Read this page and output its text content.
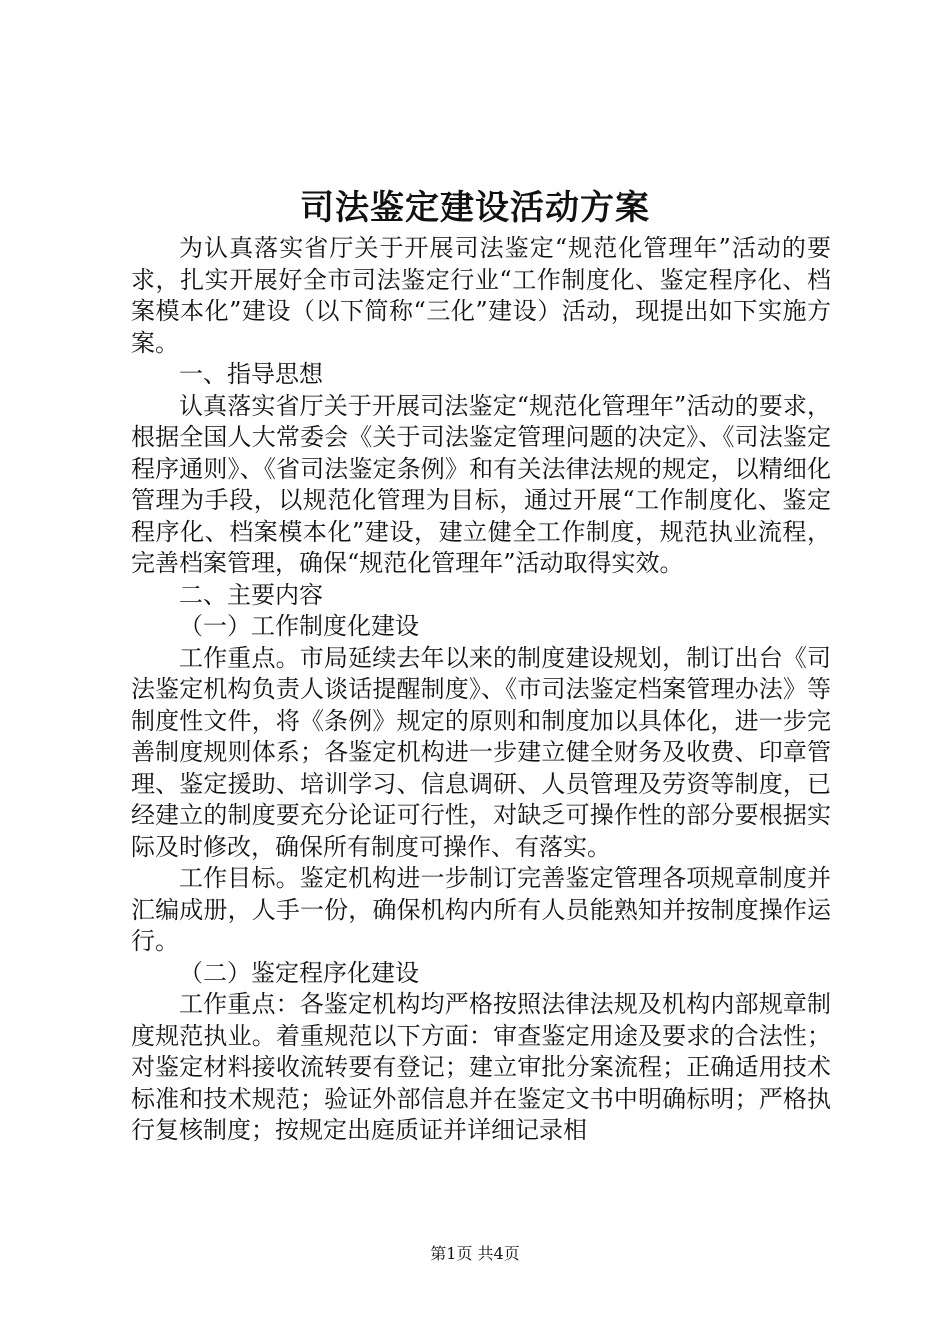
司法鉴定建设活动方案

为认真落实省厅关于开展司法鉴定“规范化管理年”活动的要求，扎实开展好全市司法鉴定行业“工作制度化、鉴定程序化、档案模本化”建设（以下简称“三化”建设）活动，现提出如下实施方案。

一、指导思想

认真落实省厅关于开展司法鉴定“规范化管理年”活动的要求，根据全国人大常委会《关于司法鉴定管理问题的决定》、《司法鉴定程序通则》、《省司法鉴定条例》和有关法律法规的规定，以精细化管理为手段，以规范化管理为目标，通过开展“工作制度化、鉴定程序化、档案模本化”建设，建立健全工作制度，规范执业流程，完善档案管理，确保“规范化管理年”活动取得实效。

二、主要内容

（一）工作制度化建设

工作重点。市局延续去年以来的制度建设规划，制订出台《司法鉴定机构负责人谈话提醒制度》、《市司法鉴定档案管理办法》等制度性文件，将《条例》规定的原则和制度加以具体化，进一步完善制度规则体系；各鉴定机构进一步建立健全财务及收费、印章管理、鉴定援助、培训学习、信息调研、人员管理及劳资等制度，已经建立的制度要充分论证可行性，对缺乏可操作性的部分要根据实际及时修改，确保所有制度可操作、有落实。

工作目标。鉴定机构进一步制订完善鉴定管理各项规章制度并汇编成册，人手一份，确保机构内所有人员能熟知并按制度操作运行。

（二）鉴定程序化建设

工作重点：各鉴定机构均严格按照法律法规及机构内部规章制度规范执业。着重规范以下方面：审查鉴定用途及要求的合法性；对鉴定材料接收流转要有登记；建立审批分案流程；正确适用技术标准和技术规范；验证外部信息并在鉴定文书中明确标明；严格执行复核制度；按规定出庭质证并详细记录相

第1页 共4页
